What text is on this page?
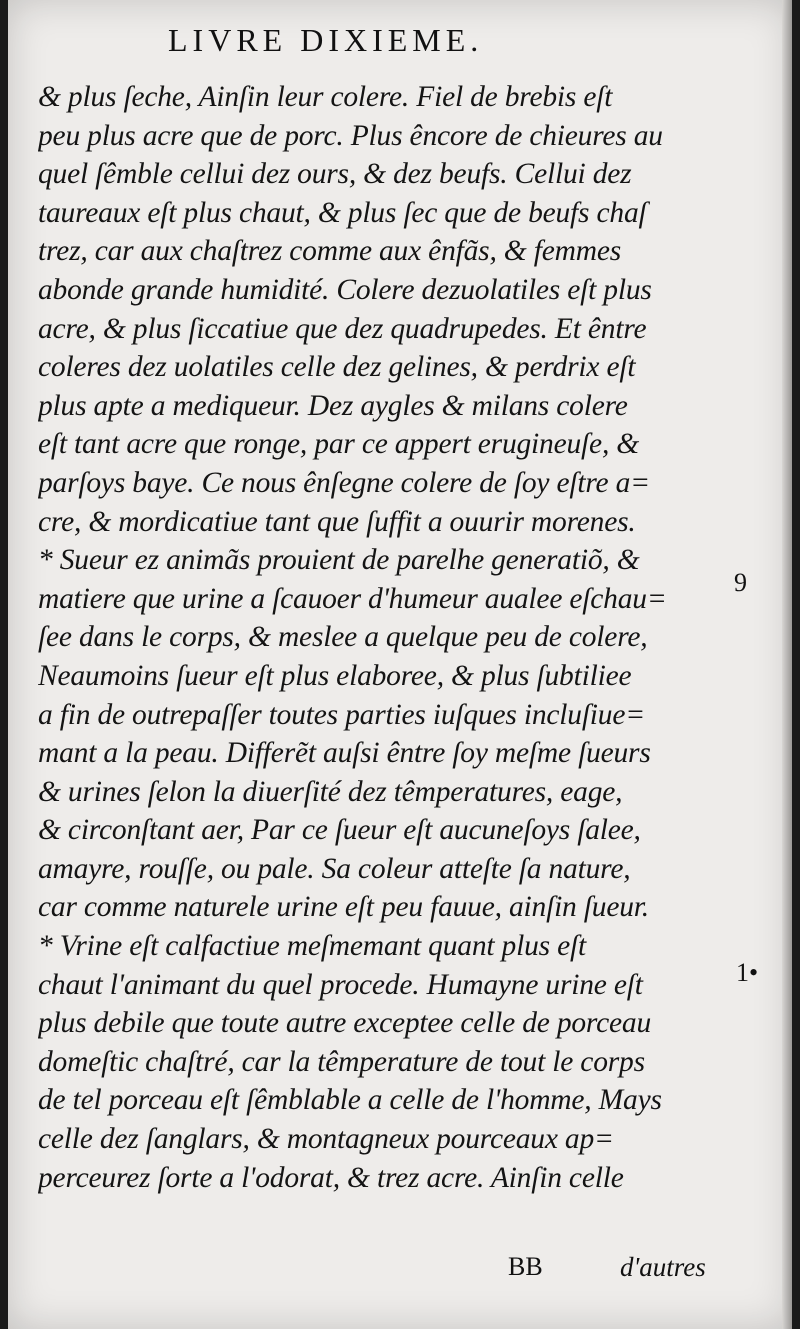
LIVRE DIXIEME.
& plus ſeche, Ainſin leur colere. Fiel de brebis eſt
peu plus acre que de porc. Plus êncore de chieures au
quel ſêmble cellui dez ours, & dez beufs. Cellui dez
taureaux eſt plus chaut, & plus ſec que de beufs chaſ
trez, car aux chaſtrez comme aux ênfãs, & femmes
abonde grande humidité. Colere dezuolatiles eſt plus
acre, & plus ſiccatiue que dez quadrupedes. Et êntre
coleres dez uolatiles celle dez gelines, & perdrix eſt
plus apte a mediqueur. Dez aygles & milans colere
eſt tant acre que ronge, par ce appert erugineuſe, &
parſoys baye. Ce nous ênſegne colere de ſoy eſtre a=
cre, & mordicatiue tant que ſuffit a ouurir morenes.
* Sueur ez animãs prouient de parelhe generatiõ, &
matiere que urine a ſcauoer d'humeur aualee eſchau=
ſee dans le corps, & meslee a quelque peu de colere,
Neaumoins ſueur eſt plus elaboree, & plus ſubtiliee
a fin de outrepaſſer toutes parties iuſques incluſiue=
mant a la peau. Differẽt auſsi êntre ſoy meſme ſueurs
& urines ſelon la diuerſité dez têmperatures, eage,
& circonſtant aer, Par ce ſueur eſt aucuneſoys ſalee,
amayre, rouſſe, ou pale. Sa coleur atteſte ſa nature,
car comme naturele urine eſt peu fauue, ainſin ſueur.
* Vrine eſt calfactiue meſmemant quant plus eſt
chaut l'animant du quel procede. Humayne urine eſt
plus debile que toute autre exceptee celle de porceau
domeſtic chaſtré, car la têmperature de tout le corps
de tel porceau eſt ſêmblable a celle de l'homme, Mays
celle dez ſanglars, & montagneux pourceaux ap=
perceurez ſorte a l'odorat, & trez acre. Ainſin celle
9
1•
BB	d'autres
